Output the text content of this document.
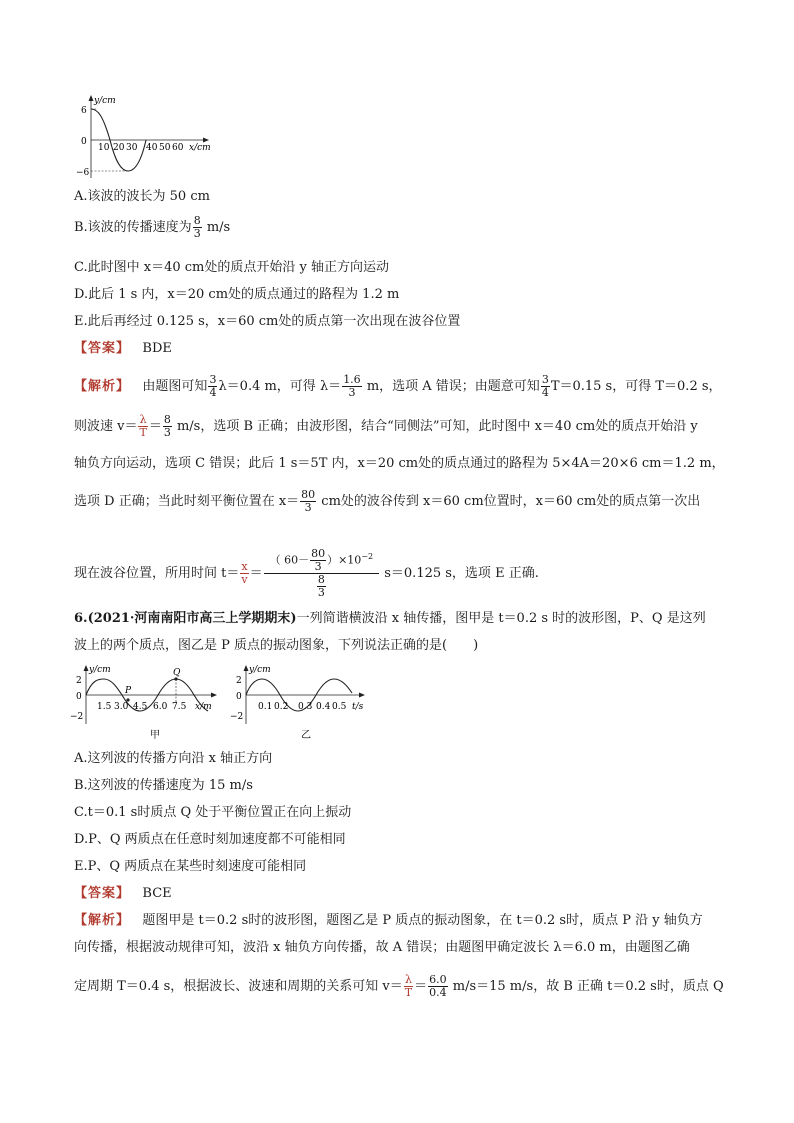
y/cm
x/cm
6
0
−6
10 20 30 40 50 60
A.该波的波长为 50 cm
B.该波的传播速度为 $\frac{8}{3} m/s$
C.此时图中 x＝40 cm处的质点开始沿 y 轴正方向运动
D.此后 1 s 内，x＝20 cm处的质点通过的路程为 1.2 m
E.此后再经过 0.125 s，x＝60 cm处的质点第一次出现在波谷位置
【答案】 BDE
【解析】 由题图可知 $\frac{3}{4} \lambda=0.4$ m，可得 $\lambda= \frac{1.6}{3}$ m，选项 A 错误；由题意可知 $\frac{3}{4} T=0.15$ s，可得 T＝0.2 s，
则波速 $v= \frac{\lambda}{T} = \frac{8}{3} m/s$，选项 B 正确；由波形图，结合“同侧法”可知，此时图中 x＝40 cm处的质点开始沿 y
轴负方向运动，选项 C 错误；此后 1 s＝5T 内，x＝20 cm处的质点通过的路程为 5×4A＝20×6 cm＝1.2 m，
选项 D 正确；当此时刻平衡位置在 $x= \frac{80}{3}$ cm处的波谷传到 x＝60 cm位置时，x＝60 cm处的质点第一次出
现在波谷位置，所用时间 $t= \frac{x}{v} = \frac{( 60- \frac{80}{3} )\times 10^{-2}}{\frac{8}{3}} s=0.125$ s，选项 E 正确.
6.(2021·河南南阳市高三上学期期末)一列简谐横波沿 x 轴传播，图甲是 t＝0.2 s 时的波形图，P、Q 是这列
波上的两个质点，图乙是 P 质点的振动图象，下列说法正确的是(　　)
P
Q
y/cm
x/m
2
0
−2
1.5 3.0 4.5 6.0 7.5
甲
y/cm
t/s
2
0
−2
0.1 0.2 0.3 0.4 0.5
乙
A.这列波的传播方向沿 x 轴正方向
B.这列波的传播速度为 15 m/s
C.t＝0.1 s时质点 Q 处于平衡位置正在向上振动
D.P、Q 两质点在任意时刻加速度都不可能相同
E.P、Q 两质点在某些时刻速度可能相同
【答案】 BCE
【解析】 题图甲是 t＝0.2 s时的波形图，题图乙是 P 质点的振动图象，在 t＝0.2 s时，质点 P 沿 y 轴负方
向传播，根据波动规律可知，波沿 x 轴负方向传播，故 A 错误；由题图甲确定波长 λ＝6.0 m，由题图乙确
定周期 T＝0.4 s，根据波长、波速和周期的关系可知 $v= \frac{\lambda}{T} = \frac{6.0}{0.4} m/s=15$ m/s，故 B 正确 t＝0.2 s时，质点 Q
